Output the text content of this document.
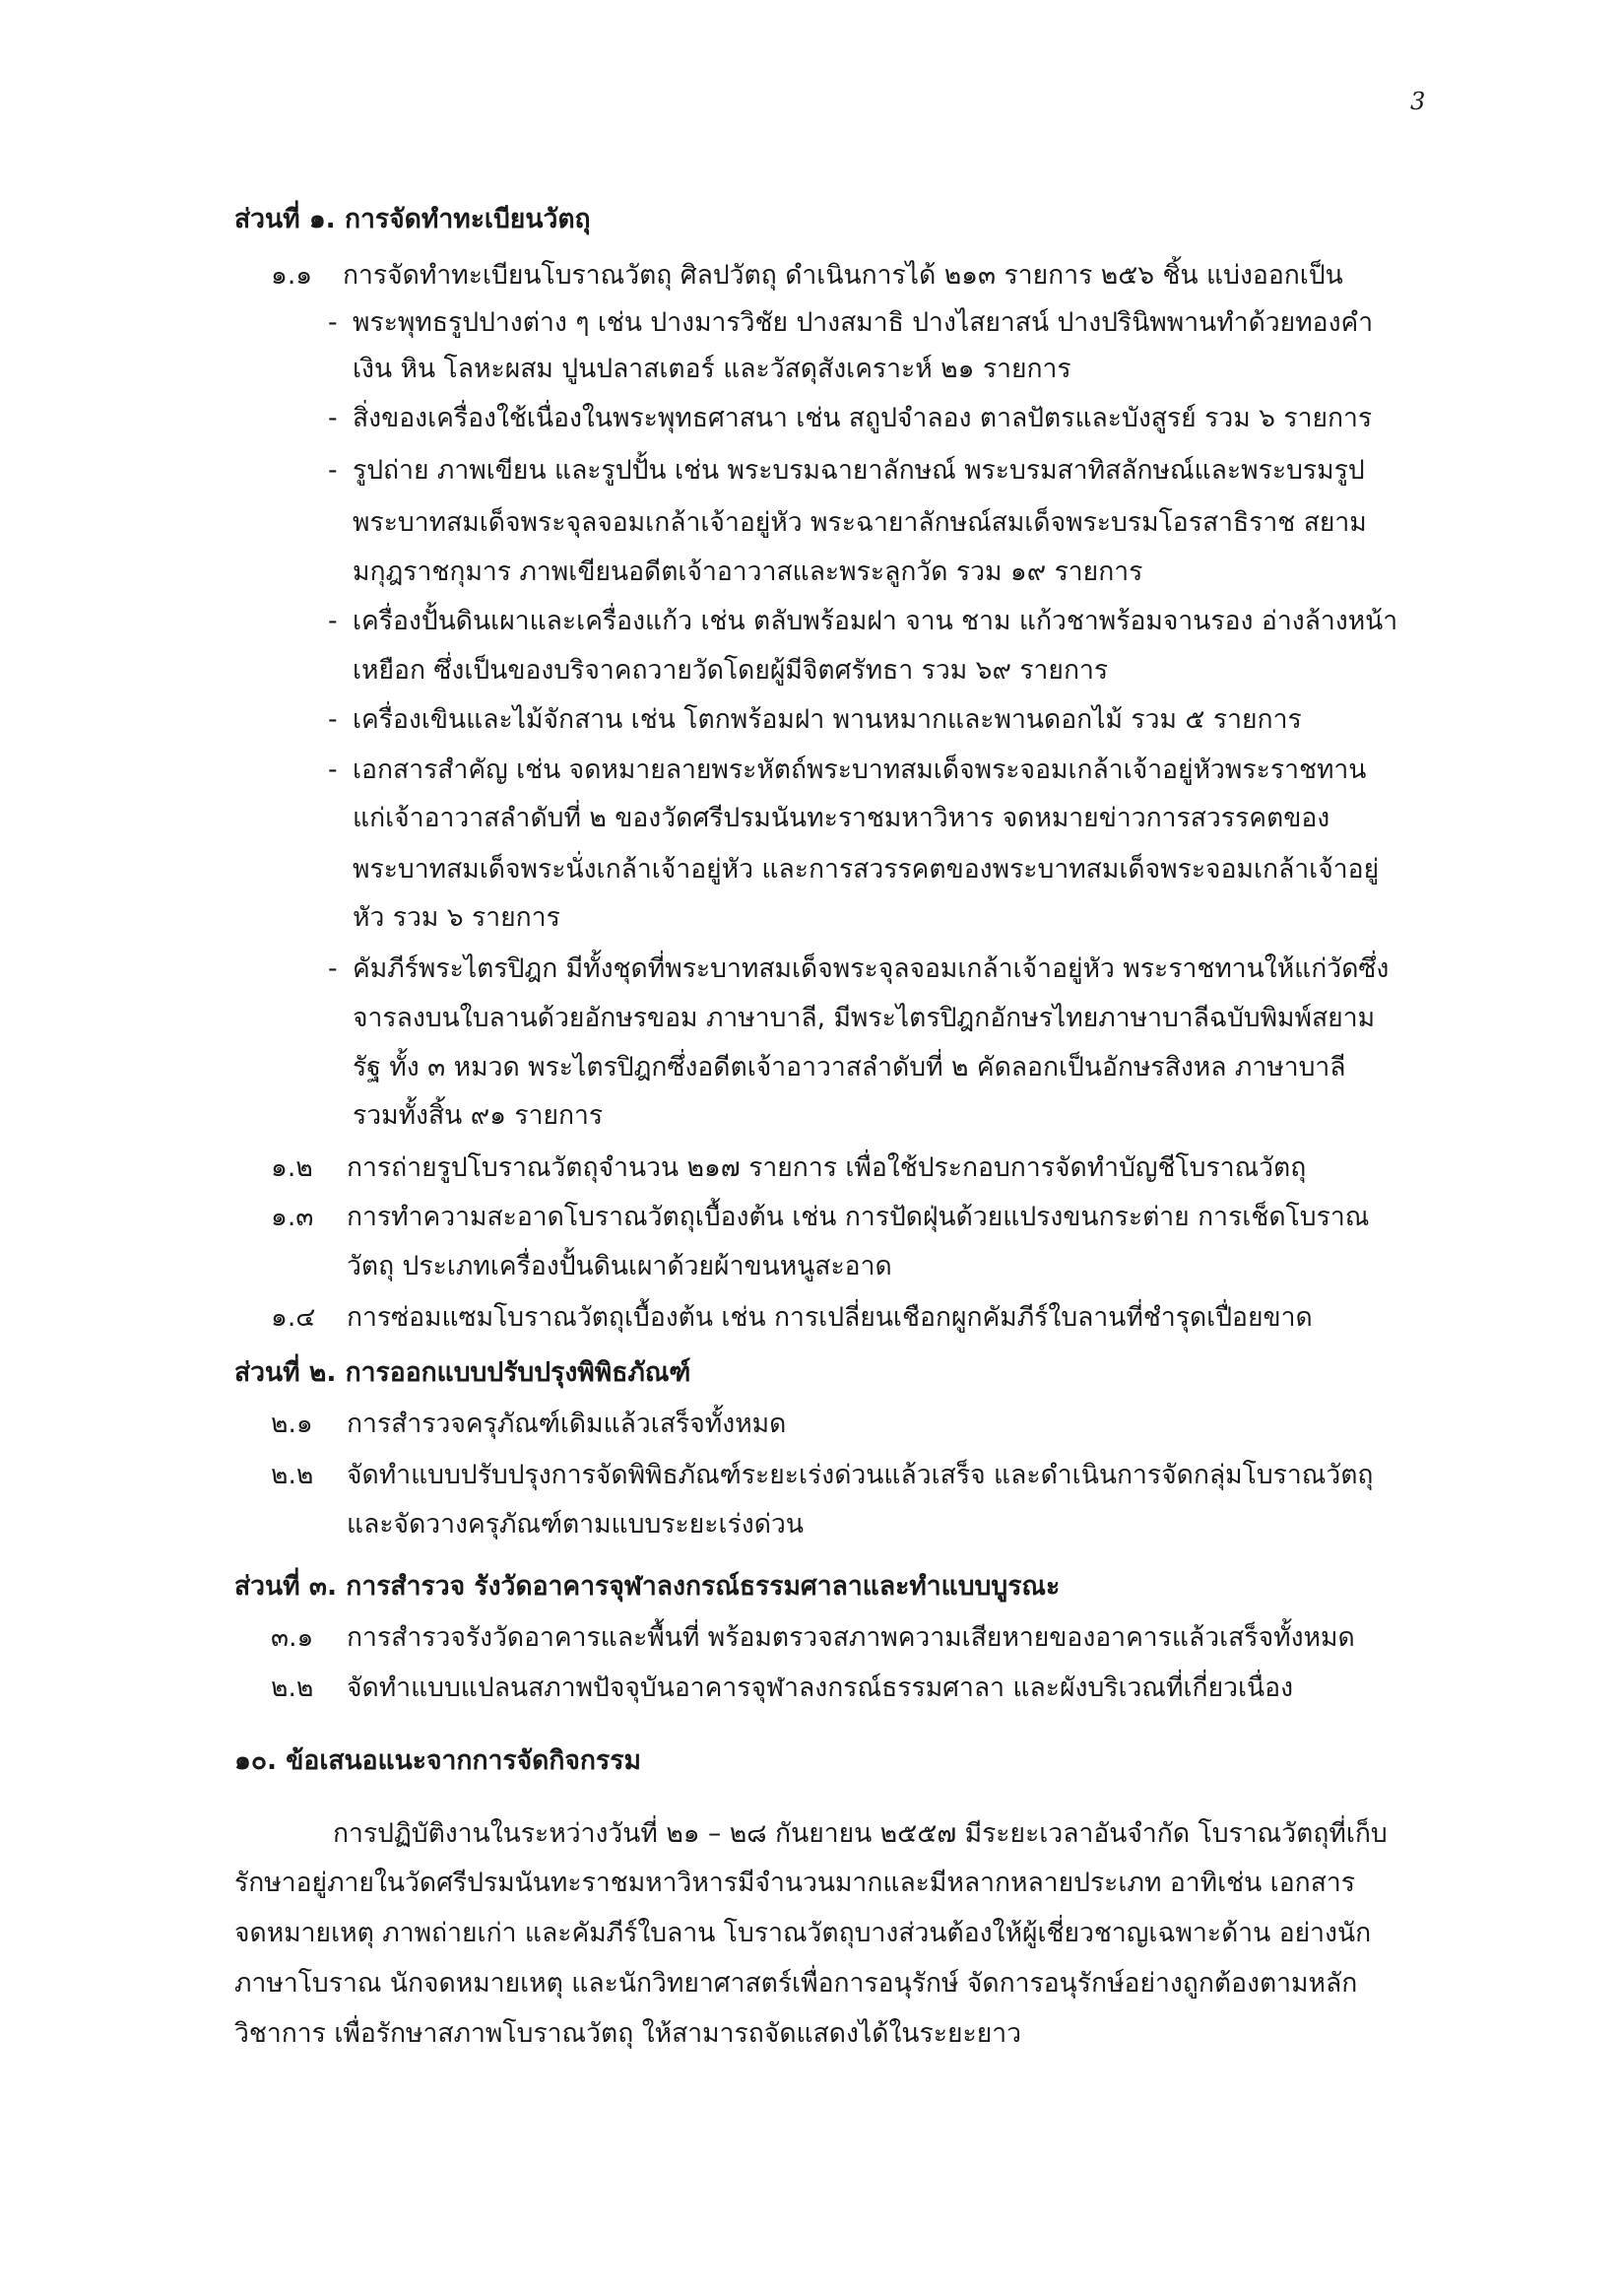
3
ส่วนที่ ๑. การจัดทำทะเบียนวัตถุ
๑.๑ การจัดทำทะเบียนโบราณวัตถุ ศิลปวัตถุ ดำเนินการได้ ๒๑๓ รายการ ๒๕๖ ชิ้น แบ่งออกเป็น
- พระพุทธรูปปางต่าง ๆ เช่น ปางมารวิชัย ปางสมาธิ ปางไสยาสน์ ปางปรินิพพานทำด้วยทองคำ
เงิน หิน โลหะผสม ปูนปลาสเตอร์ และวัสดุสังเคราะห์ ๒๑ รายการ
- สิ่งของเครื่องใช้เนื่องในพระพุทธศาสนา เช่น สถูปจำลอง ตาลปัตรและบังสูรย์ รวม ๖ รายการ
- รูปถ่าย ภาพเขียน และรูปปั้น เช่น พระบรมฉายาลักษณ์ พระบรมสาทิสลักษณ์และพระบรมรูป
พระบาทสมเด็จพระจุลจอมเกล้าเจ้าอยู่หัว พระฉายาลักษณ์สมเด็จพระบรมโอรสาธิราช สยาม
มกุฎราชกุมาร ภาพเขียนอดีตเจ้าอาวาสและพระลูกวัด รวม ๑๙ รายการ
- เครื่องปั้นดินเผาและเครื่องแก้ว เช่น ตลับพร้อมฝา จาน ชาม แก้วชาพร้อมจานรอง อ่างล้างหน้า
เหยือก ซึ่งเป็นของบริจาคถวายวัดโดยผู้มีจิตศรัทธา รวม ๖๙ รายการ
- เครื่องเขินและไม้จักสาน เช่น โตกพร้อมฝา พานหมากและพานดอกไม้ รวม ๕ รายการ
- เอกสารสำคัญ เช่น จดหมายลายพระหัตถ์พระบาทสมเด็จพระจอมเกล้าเจ้าอยู่หัวพระราชทาน
แก่เจ้าอาวาสลำดับที่ ๒ ของวัดศรีปรมนันทะราชมหาวิหาร จดหมายข่าวการสวรรคตของ
พระบาทสมเด็จพระนั่งเกล้าเจ้าอยู่หัว และการสวรรคตของพระบาทสมเด็จพระจอมเกล้าเจ้าอยู่
หัว รวม ๖ รายการ
- คัมภีร์พระไตรปิฎก มีทั้งชุดที่พระบาทสมเด็จพระจุลจอมเกล้าเจ้าอยู่หัว พระราชทานให้แก่วัดซึ่ง
จารลงบนใบลานด้วยอักษรขอม ภาษาบาลี, มีพระไตรปิฎกอักษรไทยภาษาบาลีฉบับพิมพ์สยาม
รัฐ ทั้ง ๓ หมวด พระไตรปิฎกซึ่งอดีตเจ้าอาวาสลำดับที่ ๒ คัดลอกเป็นอักษรสิงหล ภาษาบาลี
รวมทั้งสิ้น ๙๑ รายการ
๑.๒ การถ่ายรูปโบราณวัตถุจำนวน ๒๑๗ รายการ เพื่อใช้ประกอบการจัดทำบัญชีโบราณวัตถุ
๑.๓ การทำความสะอาดโบราณวัตถุเบื้องต้น เช่น การปัดฝุ่นด้วยแปรงขนกระต่าย การเช็ดโบราณ
วัตถุ ประเภทเครื่องปั้นดินเผาด้วยผ้าขนหนูสะอาด
๑.๔ การซ่อมแซมโบราณวัตถุเบื้องต้น เช่น การเปลี่ยนเชือกผูกคัมภีร์ใบลานที่ชำรุดเปื่อยขาด
ส่วนที่ ๒. การออกแบบปรับปรุงพิพิธภัณฑ์
๒.๑ การสำรวจครุภัณฑ์เดิมแล้วเสร็จทั้งหมด
๒.๒ จัดทำแบบปรับปรุงการจัดพิพิธภัณฑ์ระยะเร่งด่วนแล้วเสร็จ และดำเนินการจัดกลุ่มโบราณวัตถุ
และจัดวางครุภัณฑ์ตามแบบระยะเร่งด่วน
ส่วนที่ ๓. การสำรวจ รังวัดอาคารจุฬาลงกรณ์ธรรมศาลาและทำแบบบูรณะ
๓.๑ การสำรวจรังวัดอาคารและพื้นที่ พร้อมตรวจสภาพความเสียหายของอาคารแล้วเสร็จทั้งหมด
๒.๒ จัดทำแบบแปลนสภาพปัจจุบันอาคารจุฬาลงกรณ์ธรรมศาลา และผังบริเวณที่เกี่ยวเนื่อง
๑๐. ข้อเสนอแนะจากการจัดกิจกรรม
การปฏิบัติงานในระหว่างวันที่ ๒๑ – ๒๘ กันยายน ๒๕๕๗ มีระยะเวลาอันจำกัด โบราณวัตถุที่เก็บ
รักษาอยู่ภายในวัดศรีปรมนันทะราชมหาวิหารมีจำนวนมากและมีหลากหลายประเภท อาทิเช่น เอกสาร
จดหมายเหตุ ภาพถ่ายเก่า และคัมภีร์ใบลาน โบราณวัตถุบางส่วนต้องให้ผู้เชี่ยวชาญเฉพาะด้าน อย่างนัก
ภาษาโบราณ นักจดหมายเหตุ และนักวิทยาศาสตร์เพื่อการอนุรักษ์ จัดการอนุรักษ์อย่างถูกต้องตามหลัก
วิชาการ เพื่อรักษาสภาพโบราณวัตถุ ให้สามารถจัดแสดงได้ในระยะยาว
